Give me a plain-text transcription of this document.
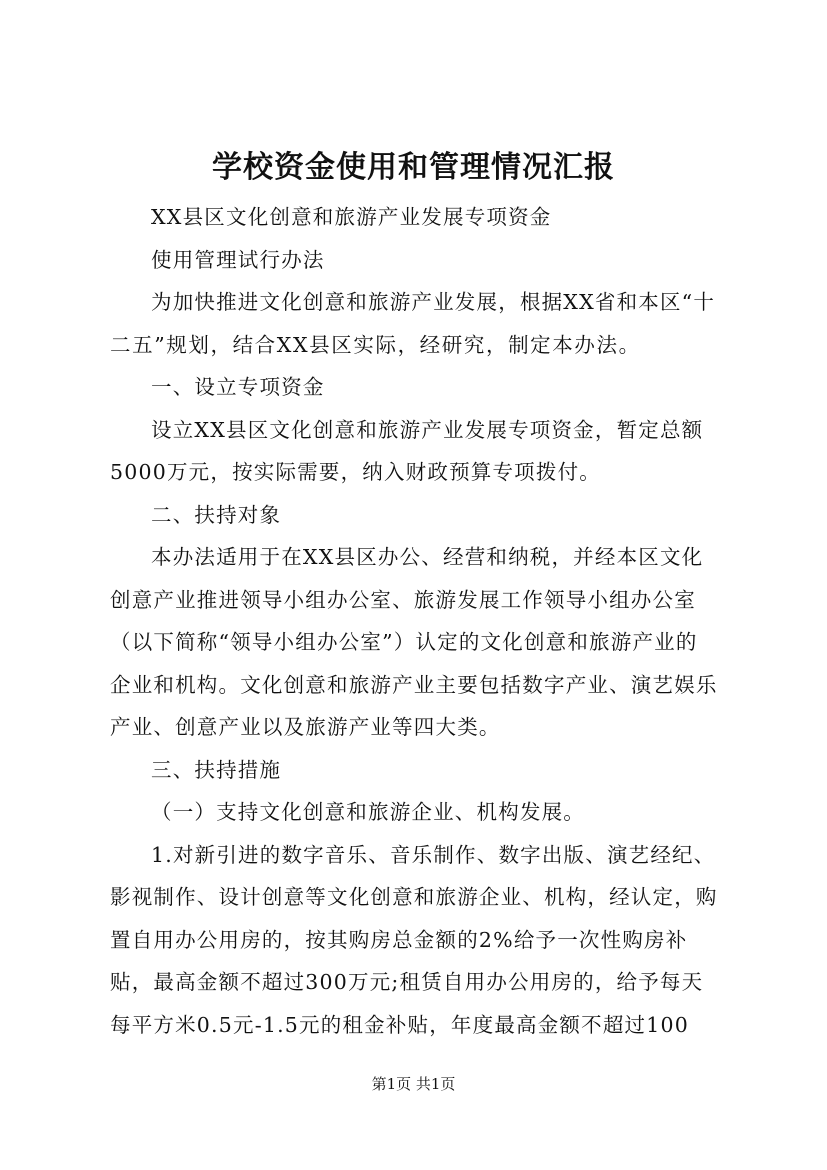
学校资金使用和管理情况汇报
XX县区文化创意和旅游产业发展专项资金
使用管理试行办法
为加快推进文化创意和旅游产业发展，根据XX省和本区“十
二五”规划，结合XX县区实际，经研究，制定本办法。
一、设立专项资金
设立XX县区文化创意和旅游产业发展专项资金，暂定总额
5000万元，按实际需要，纳入财政预算专项拨付。
二、扶持对象
本办法适用于在XX县区办公、经营和纳税，并经本区文化
创意产业推进领导小组办公室、旅游发展工作领导小组办公室
（以下简称“领导小组办公室”）认定的文化创意和旅游产业的
企业和机构。文化创意和旅游产业主要包括数字产业、演艺娱乐
产业、创意产业以及旅游产业等四大类。
三、扶持措施
（一）支持文化创意和旅游企业、机构发展。
1.对新引进的数字音乐、音乐制作、数字出版、演艺经纪、
影视制作、设计创意等文化创意和旅游企业、机构，经认定，购
置自用办公用房的，按其购房总金额的2%给予一次性购房补
贴，最高金额不超过300万元;租赁自用办公用房的，给予每天
每平方米0.5元-1.5元的租金补贴，年度最高金额不超过100
第1页 共1页
